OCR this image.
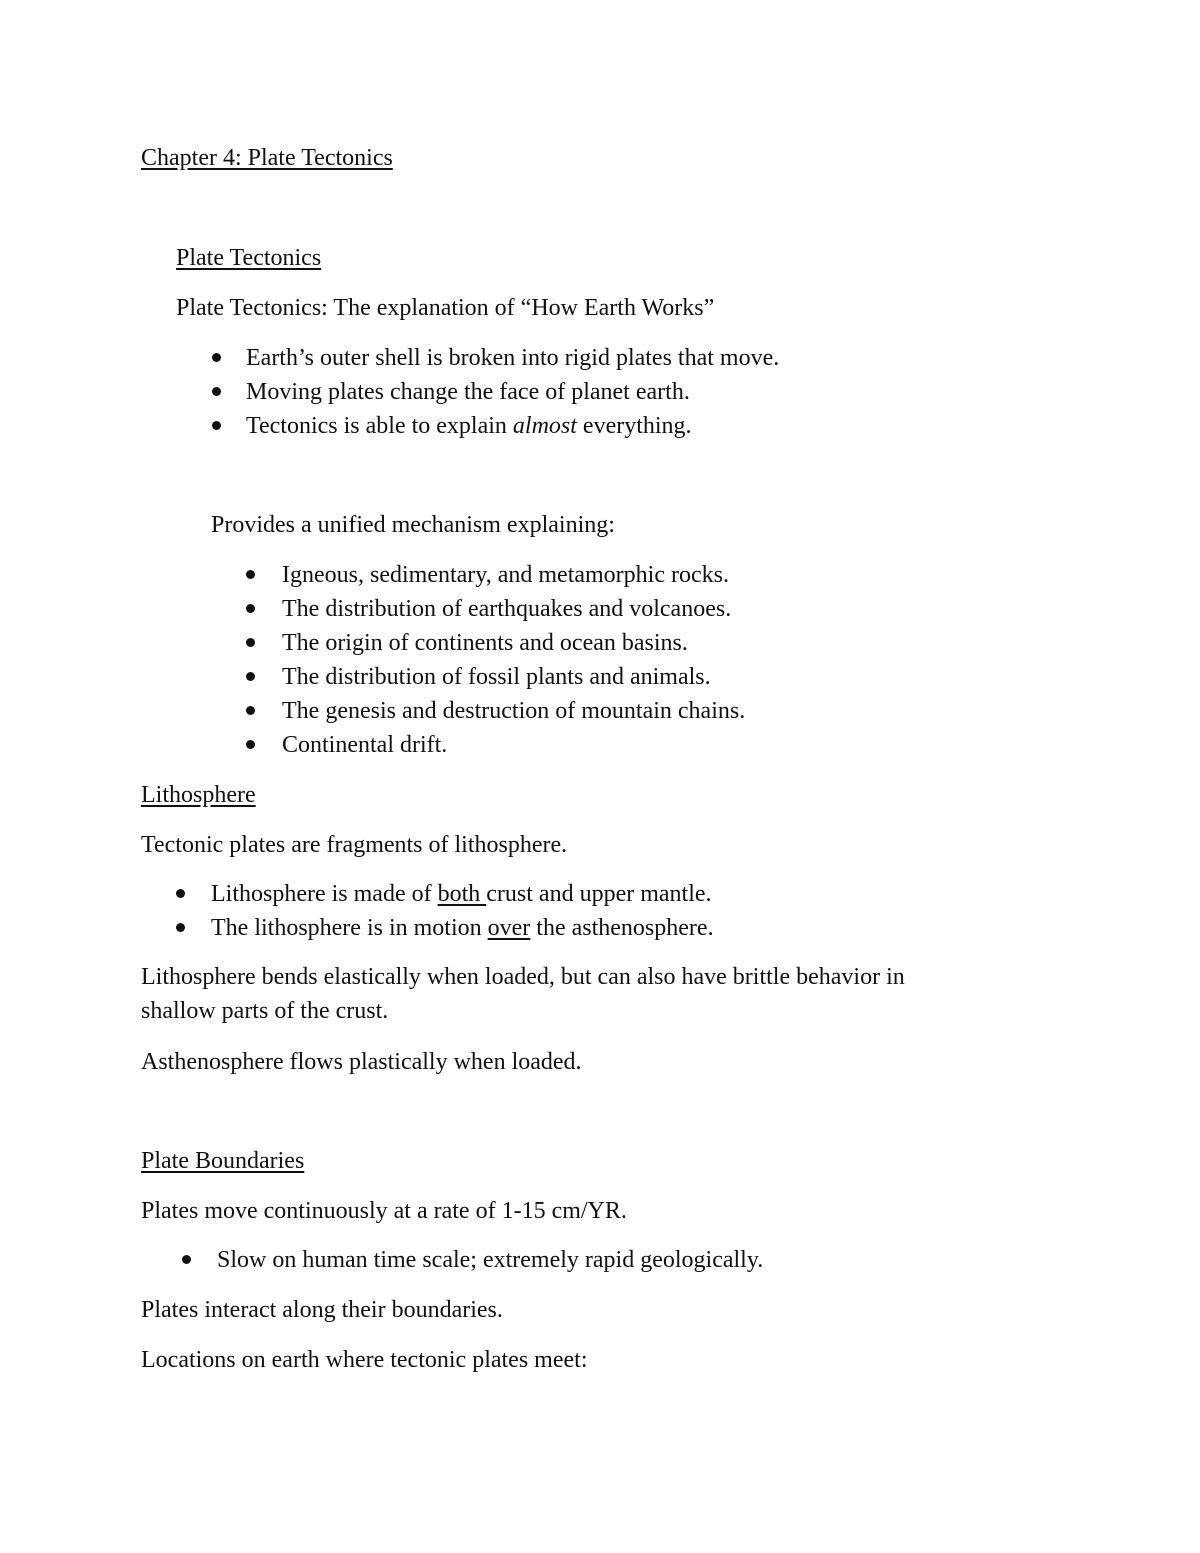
Chapter 4: Plate Tectonics
Plate Tectonics
Plate Tectonics: The explanation of “How Earth Works”
Earth’s outer shell is broken into rigid plates that move.
Moving plates change the face of planet earth.
Tectonics is able to explain almost everything.
Provides a unified mechanism explaining:
Igneous, sedimentary, and metamorphic rocks.
The distribution of earthquakes and volcanoes.
The origin of continents and ocean basins.
The distribution of fossil plants and animals.
The genesis and destruction of mountain chains.
Continental drift.
Lithosphere
Tectonic plates are fragments of lithosphere.
Lithosphere is made of both crust and upper mantle.
The lithosphere is in motion over the asthenosphere.
Lithosphere bends elastically when loaded, but can also have brittle behavior in
shallow parts of the crust.
Asthenosphere flows plastically when loaded.
Plate Boundaries
Plates move continuously at a rate of 1-15 cm/YR.
Slow on human time scale; extremely rapid geologically.
Plates interact along their boundaries.
Locations on earth where tectonic plates meet:
